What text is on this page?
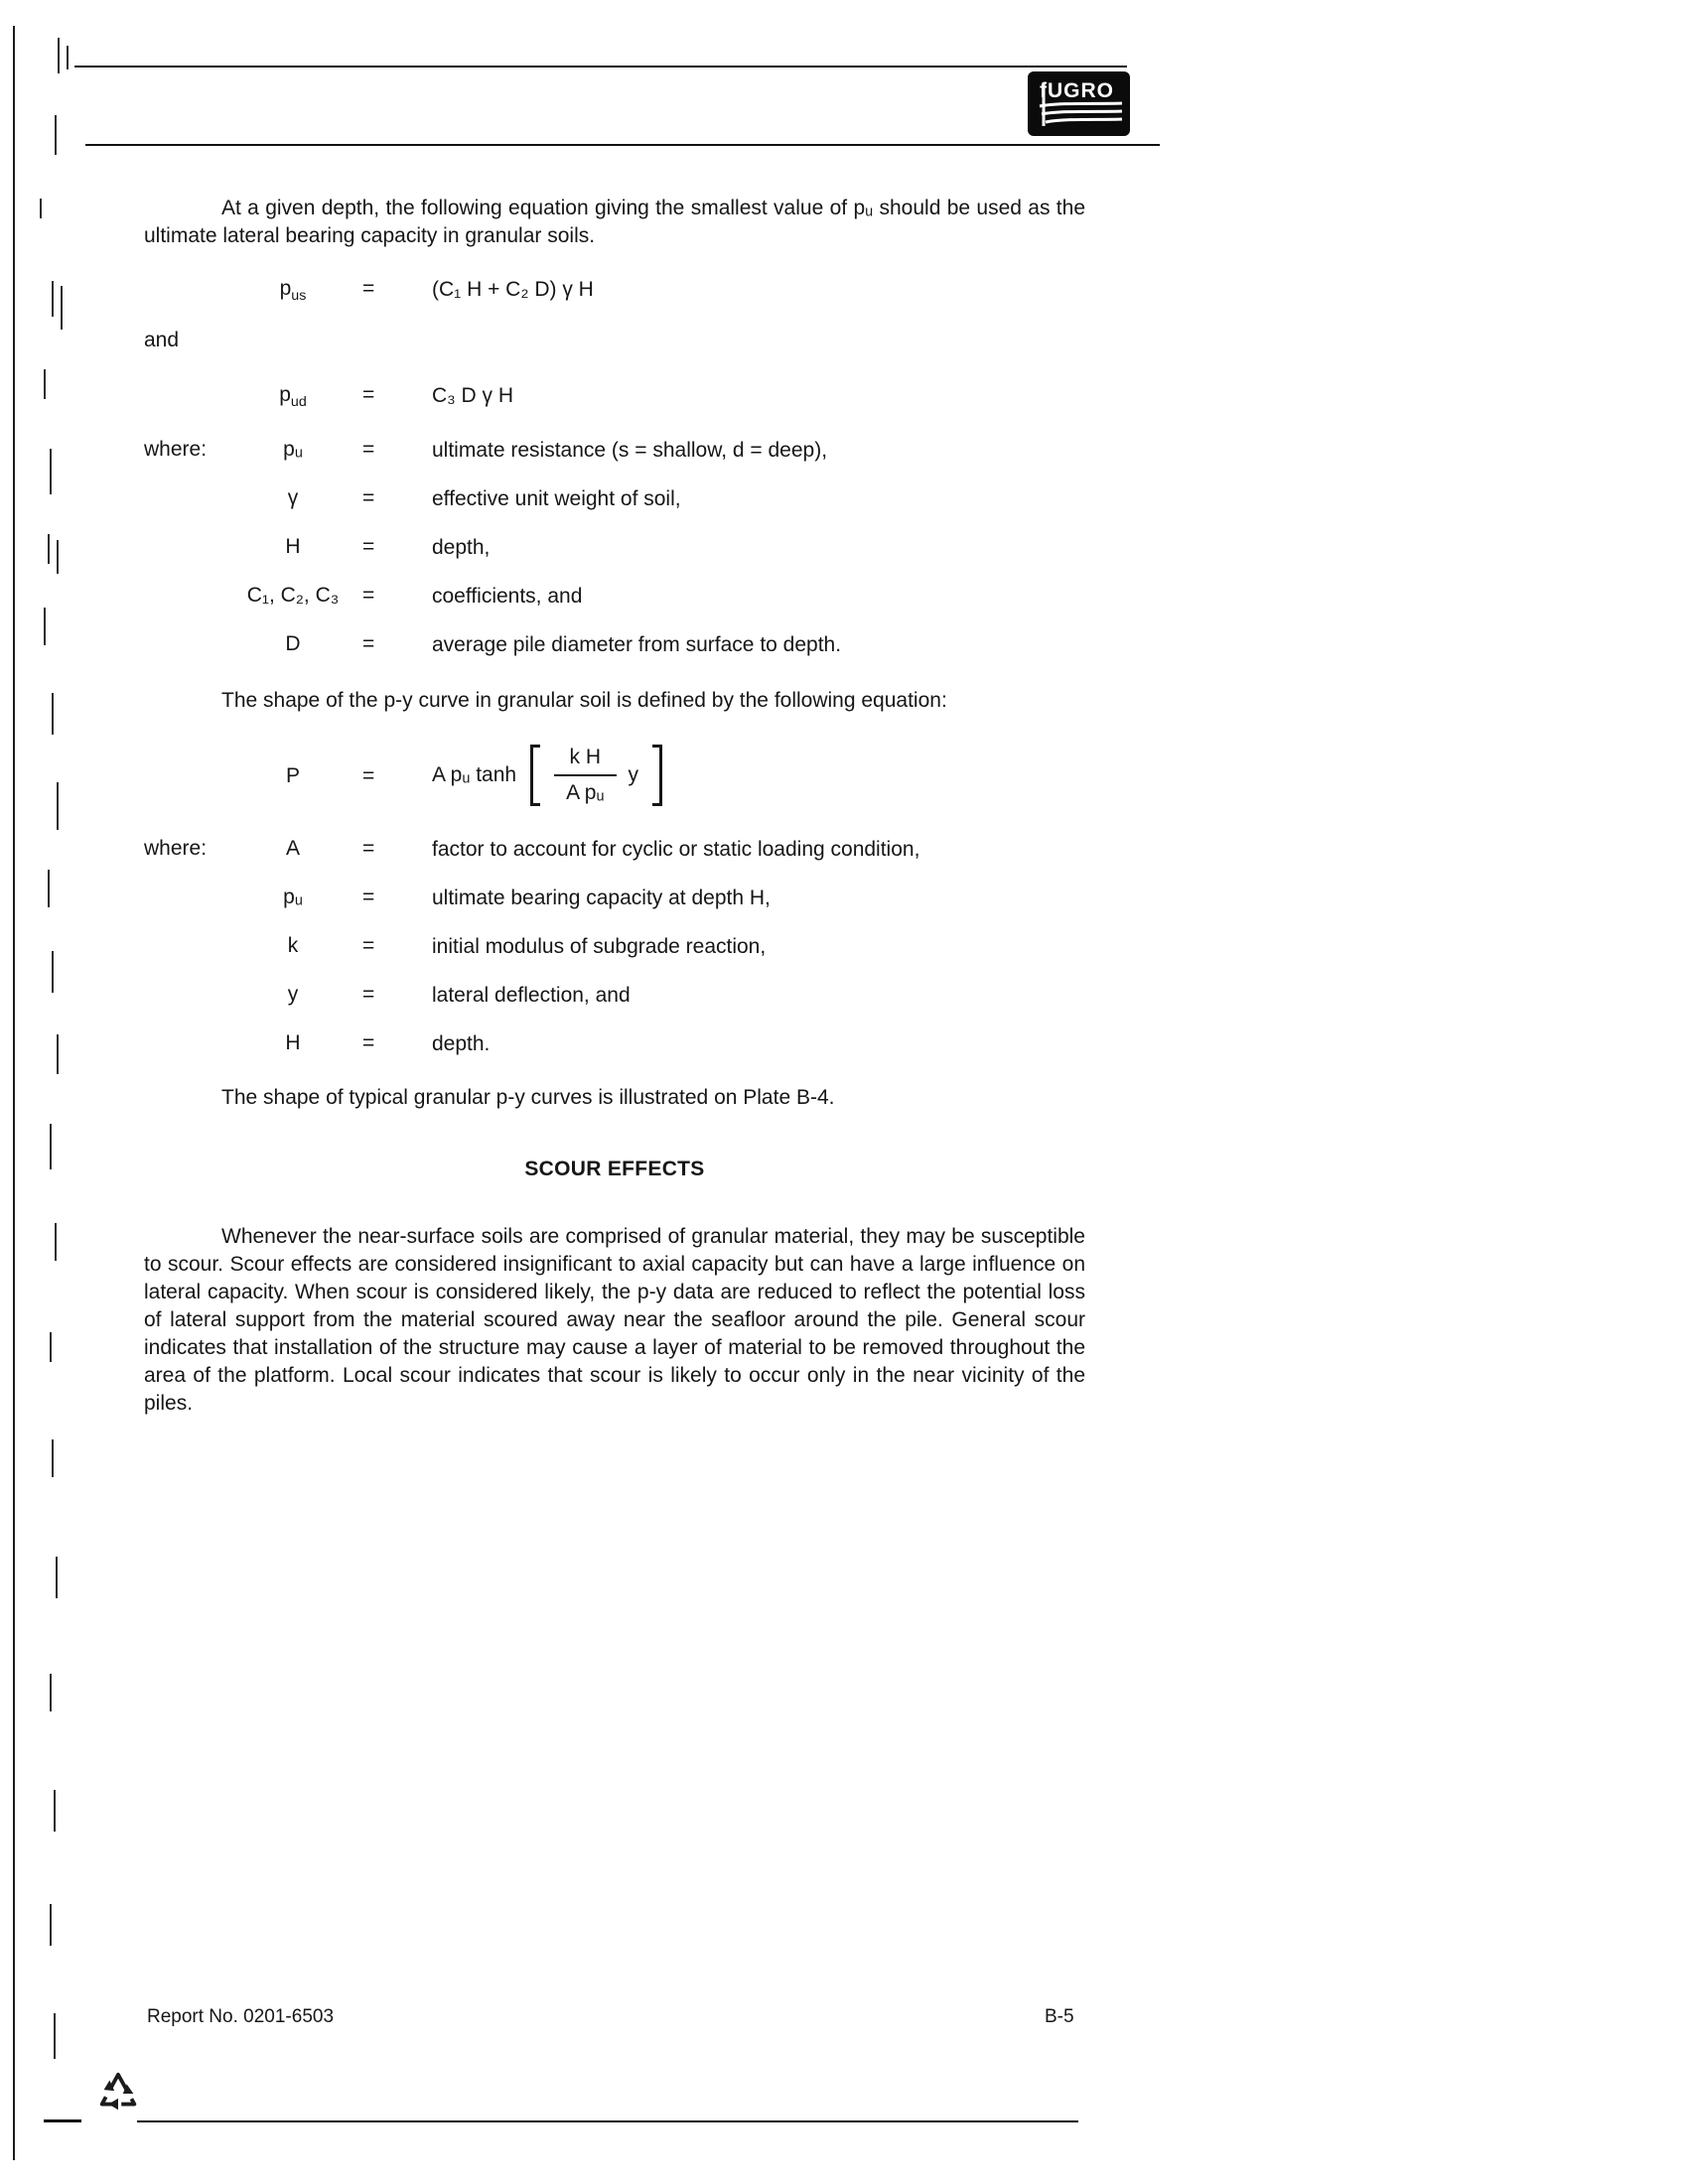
fUGRO

At a given depth, the following equation giving the smallest value of pᵤ should be used as the ultimate lateral bearing capacity in granular soils.

$p_{us}$	=	(C₁ H + C₂ D) γ H

and

$p_{ud}$	=	C₃ D γ H
where:	pᵤ	=	ultimate resistance (s = shallow, d = deep),
γ	=	effective unit weight of soil,
H	=	depth,
C₁, C₂, C₃	=	coefficients, and
D	=	average pile diameter from surface to depth.

The shape of the p-y curve in granular soil is defined by the following equation:

P	=	A pᵤ $\tanh \frac{\text{k H}}{\text{A pᵤ}}$ y
where:	A	=	factor to account for cyclic or static loading condition,
pᵤ	=	ultimate bearing capacity at depth H,
k	=	initial modulus of subgrade reaction,
y	=	lateral deflection, and
H	=	depth.

The shape of typical granular p-y curves is illustrated on Plate B-4.

SCOUR EFFECTS

Whenever the near-surface soils are comprised of granular material, they may be susceptible to scour. Scour effects are considered insignificant to axial capacity but can have a large influence on lateral capacity. When scour is considered likely, the p-y data are reduced to reflect the potential loss of lateral support from the material scoured away near the seafloor around the pile. General scour indicates that installation of the structure may cause a layer of material to be removed throughout the area of the platform. Local scour indicates that scour is likely to occur only in the near vicinity of the piles.

Report No. 0201-6503	B-5
